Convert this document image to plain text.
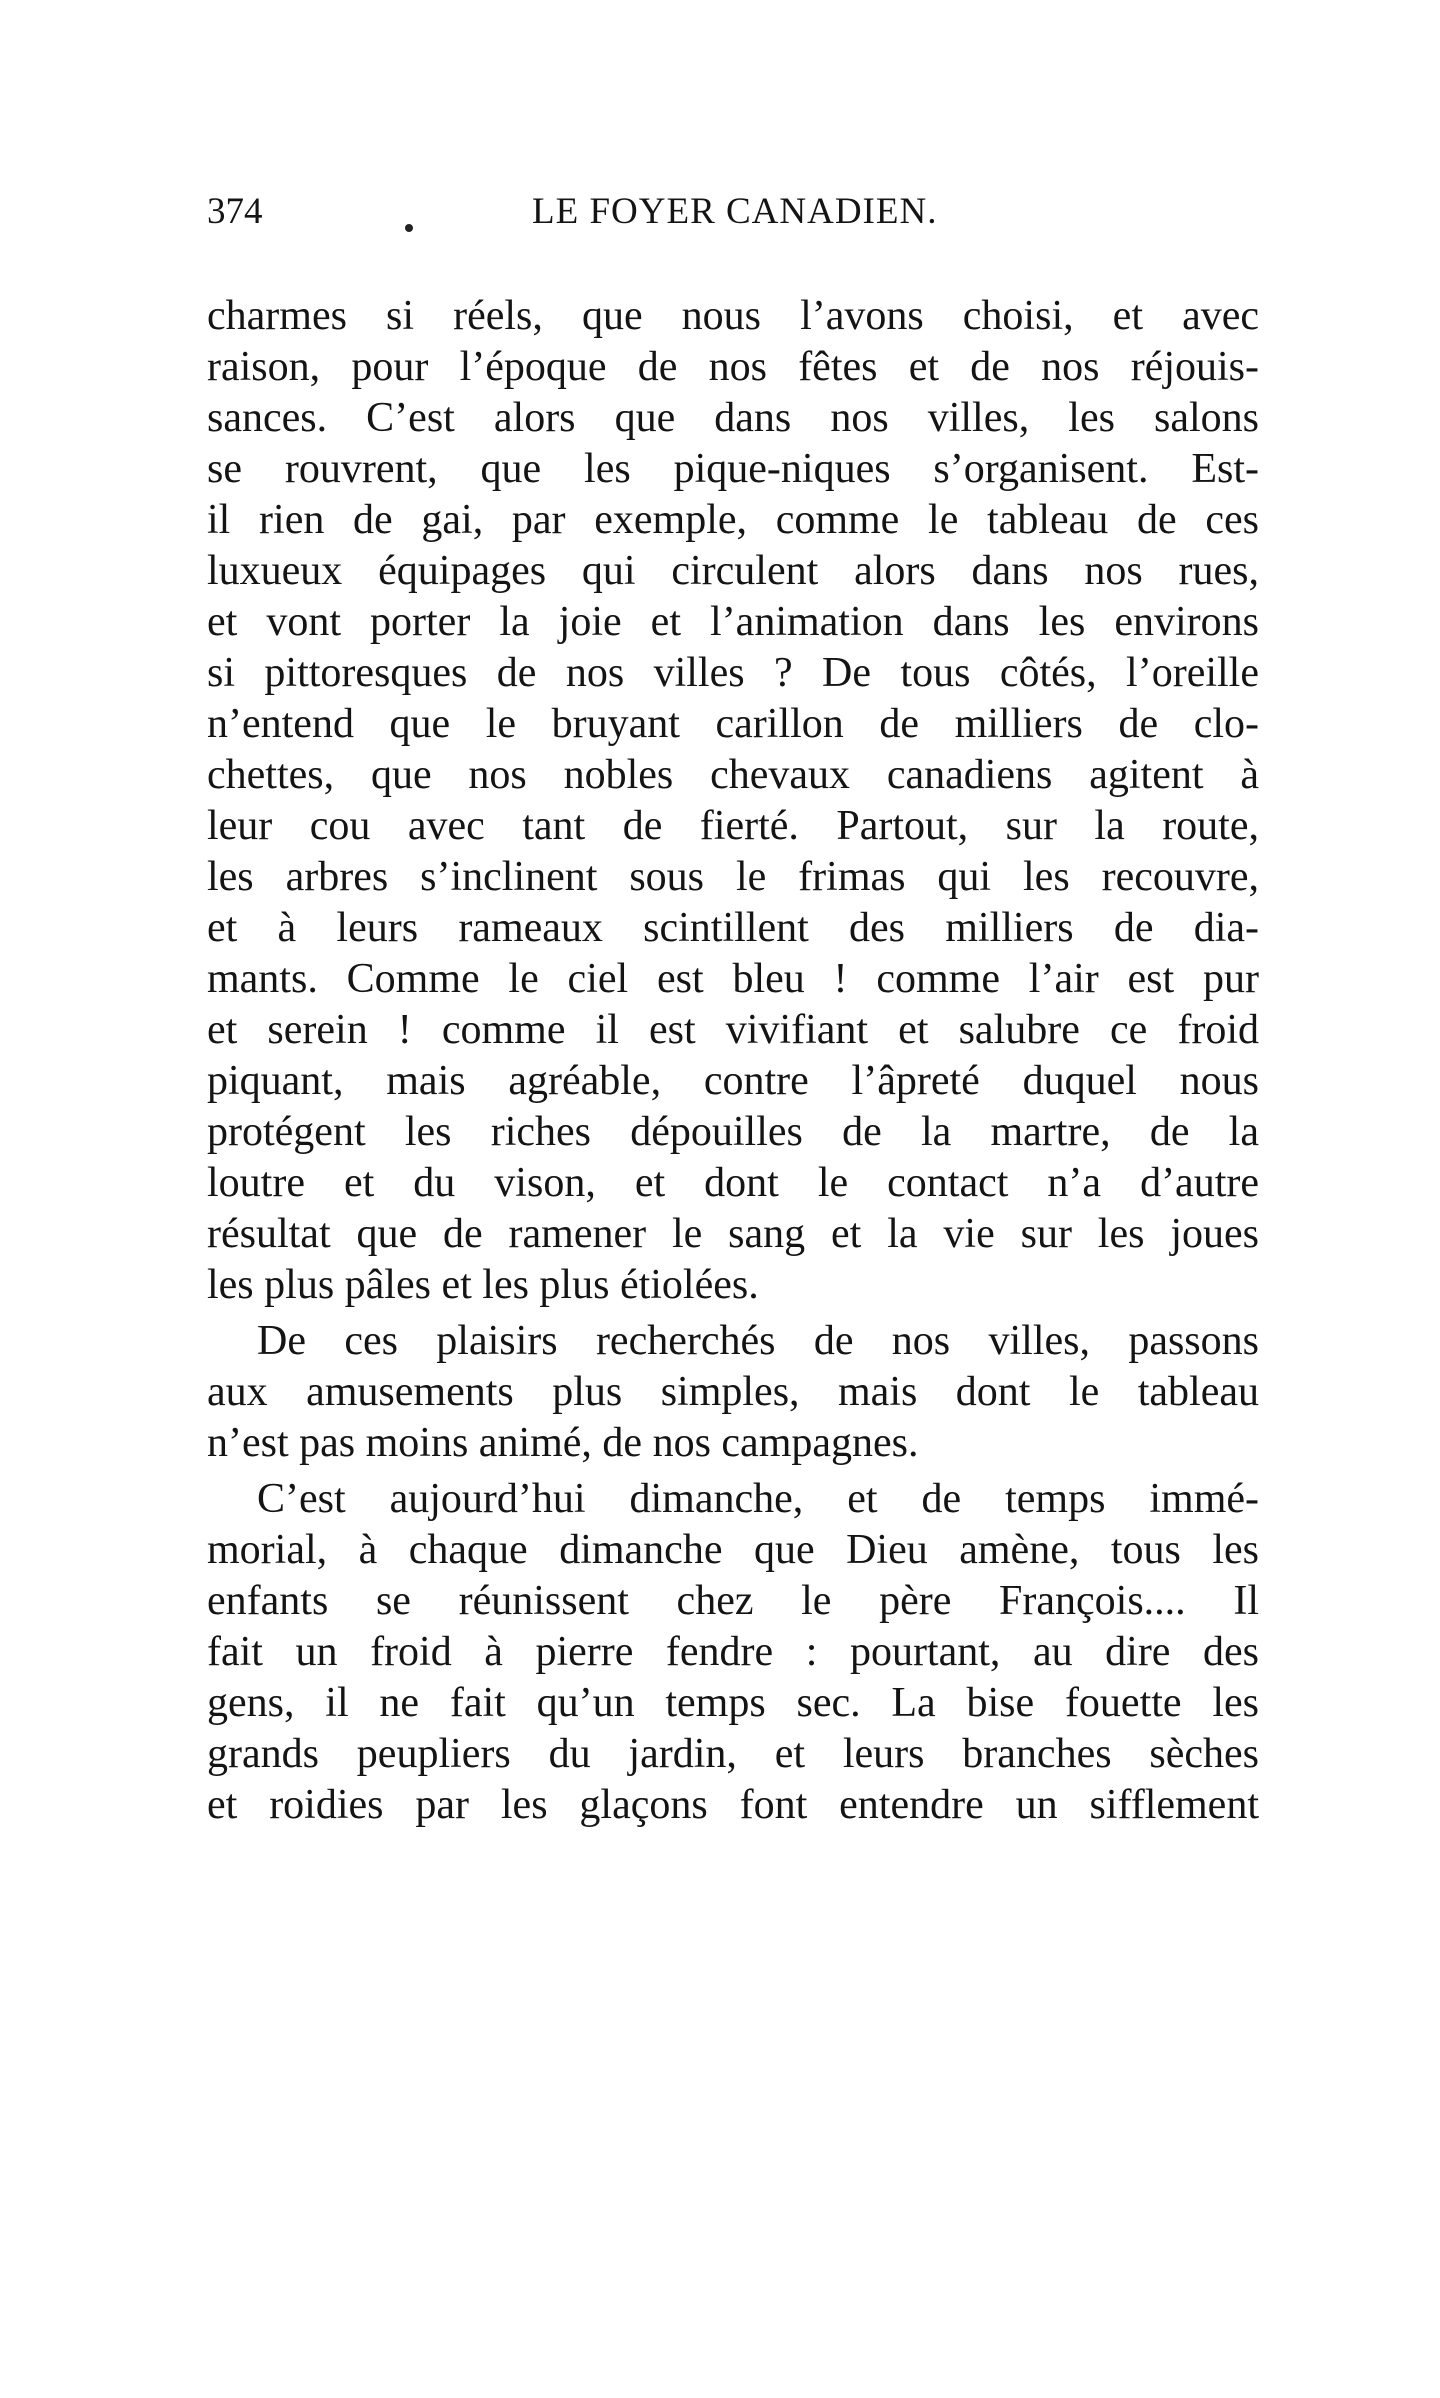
374	LE FOYER CANADIEN.
charmes si réels, que nous l’avons choisi, et avec
raison, pour l’époque de nos fêtes et de nos réjouis-
sances. C’est alors que dans nos villes, les salons
se rouvrent, que les pique-niques s’organisent. Est-
il rien de gai, par exemple, comme le tableau de ces
luxueux équipages qui circulent alors dans nos rues,
et vont porter la joie et l’animation dans les environs
si pittoresques de nos villes ? De tous côtés, l’oreille
n’entend que le bruyant carillon de milliers de clo-
chettes, que nos nobles chevaux canadiens agitent à
leur cou avec tant de fierté. Partout, sur la route,
les arbres s’inclinent sous le frimas qui les recouvre,
et à leurs rameaux scintillent des milliers de dia-
mants. Comme le ciel est bleu ! comme l’air est pur
et serein ! comme il est vivifiant et salubre ce froid
piquant, mais agréable, contre l’âpreté duquel nous
protégent les riches dépouilles de la martre, de la
loutre et du vison, et dont le contact n’a d’autre
résultat que de ramener le sang et la vie sur les joues
les plus pâles et les plus étiolées.
De ces plaisirs recherchés de nos villes, passons
aux amusements plus simples, mais dont le tableau
n’est pas moins animé, de nos campagnes.
C’est aujourd’hui dimanche, et de temps immé-
morial, à chaque dimanche que Dieu amène, tous les
enfants se réunissent chez le père François.... Il
fait un froid à pierre fendre : pourtant, au dire des
gens, il ne fait qu’un temps sec. La bise fouette les
grands peupliers du jardin, et leurs branches sèches
et roidies par les glaçons font entendre un sifflement
